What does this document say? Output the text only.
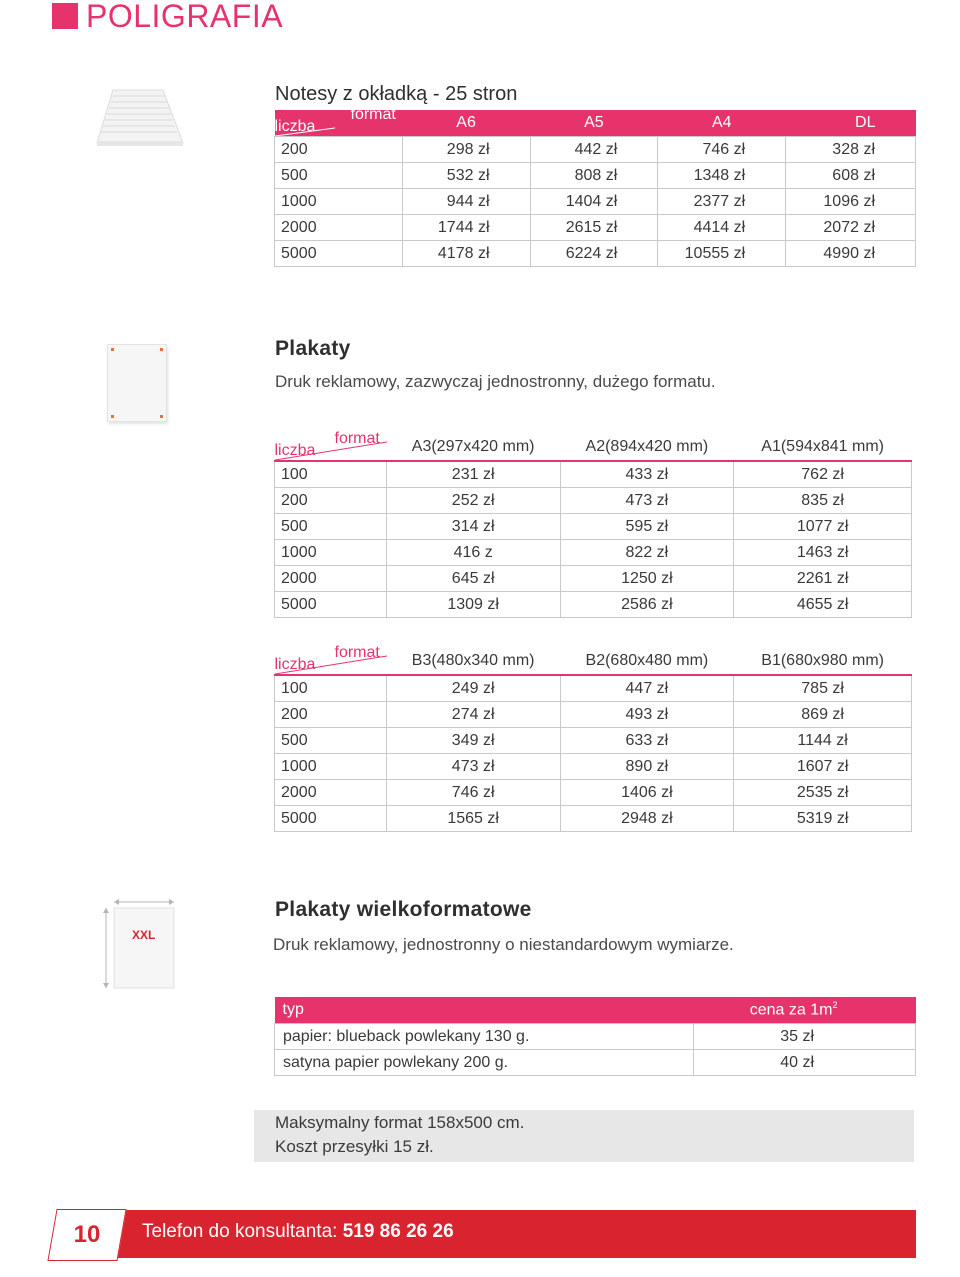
POLIGRAFIA
Notesy z okładką - 25 stron
liczba
format	A6	A5	A4	DL
200	298 zł	442 zł	746 zł	328 zł
500	532 zł	808 zł	1348 zł	608 zł
1000	944 zł	1404 zł	2377 zł	1096 zł
2000	1744 zł	2615 zł	4414 zł	2072 zł
5000	4178 zł	6224 zł	10555 zł	4990 zł
Plakaty
Druk reklamowy, zazwyczaj jednostronny, dużego formatu.
liczba
format	A3(297x420 mm)	A2(894x420 mm)	A1(594x841 mm)
100	231 zł	433 zł	762 zł
200	252 zł	473 zł	835 zł
500	314 zł	595 zł	1077 zł
1000	416 z	822 zł	1463 zł
2000	645 zł	1250 zł	2261 zł
5000	1309 zł	2586 zł	4655 zł
liczba
format	B3(480x340 mm)	B2(680x480 mm)	B1(680x980 mm)
100	249 zł	447 zł	785 zł
200	274 zł	493 zł	869 zł
500	349 zł	633 zł	1144 zł
1000	473 zł	890 zł	1607 zł
2000	746 zł	1406 zł	2535 zł
5000	1565 zł	2948 zł	5319 zł
XXL
Plakaty wielkoformatowe
Druk reklamowy, jednostronny o niestandardowym wymiarze.
typ	cena za $1m^2$
papier: blueback powlekany 130 g.	35 zł
satyna papier powlekany 200 g.	40 zł
Maksymalny format 158x500 cm.
Koszt przesyłki 15 zł.
10	Telefon do konsultanta: 519 86 26 26
